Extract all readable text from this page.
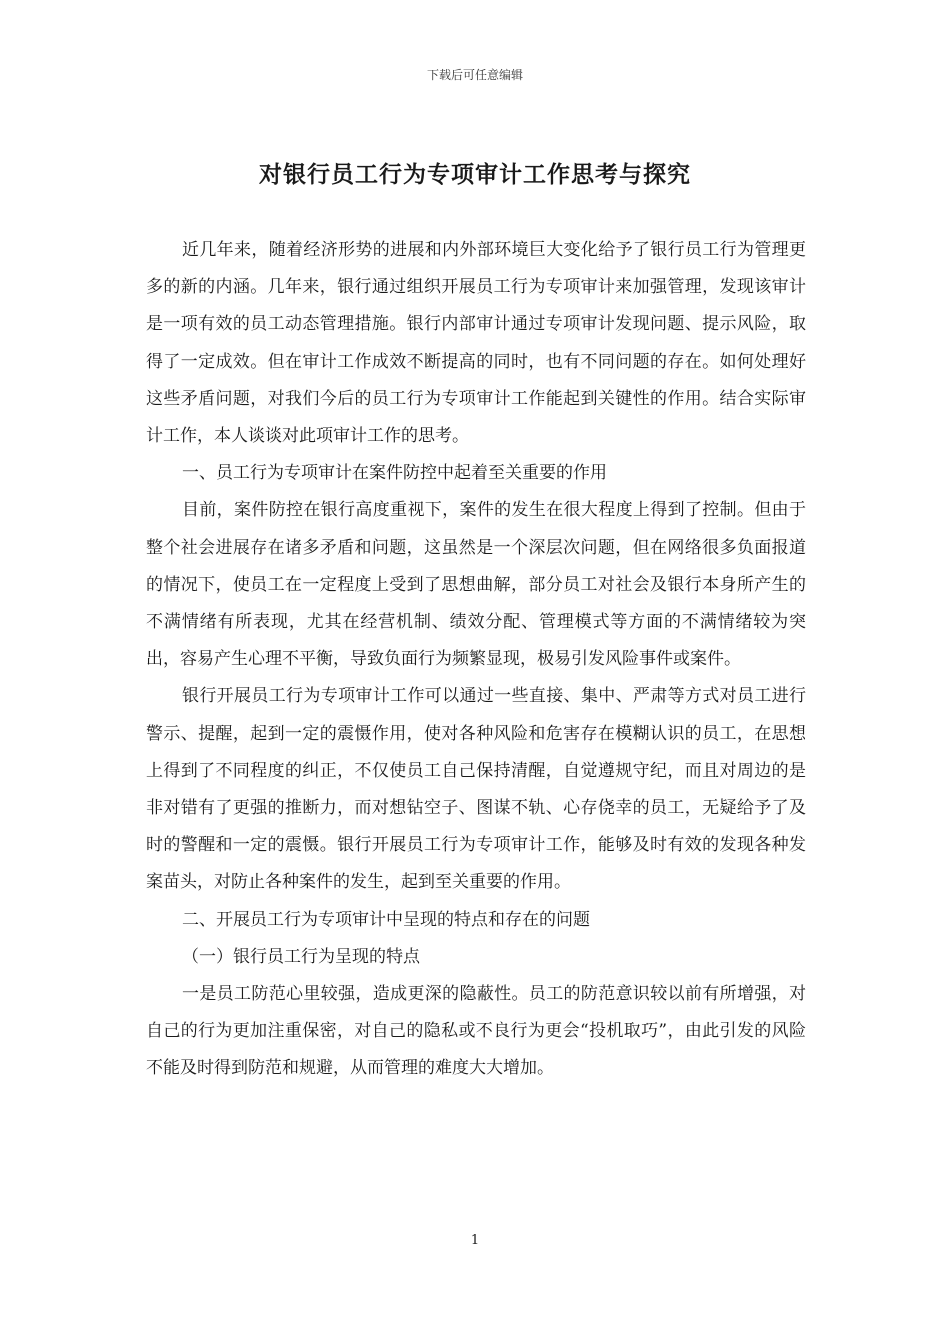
下载后可任意编辑
对银行员工行为专项审计工作思考与探究

近几年来，随着经济形势的进展和内外部环境巨大变化给予了银行员工行为管理更多的新的内涵。几年来，银行通过组织开展员工行为专项审计来加强管理，发现该审计是一项有效的员工动态管理措施。银行内部审计通过专项审计发现问题、提示风险，取得了一定成效。但在审计工作成效不断提高的同时，也有不同问题的存在。如何处理好这些矛盾问题，对我们今后的员工行为专项审计工作能起到关键性的作用。结合实际审计工作，本人谈谈对此项审计工作的思考。

一、员工行为专项审计在案件防控中起着至关重要的作用

目前，案件防控在银行高度重视下，案件的发生在很大程度上得到了控制。但由于整个社会进展存在诸多矛盾和问题，这虽然是一个深层次问题，但在网络很多负面报道的情况下，使员工在一定程度上受到了思想曲解，部分员工对社会及银行本身所产生的不满情绪有所表现，尤其在经营机制、绩效分配、管理模式等方面的不满情绪较为突出，容易产生心理不平衡，导致负面行为频繁显现，极易引发风险事件或案件。

银行开展员工行为专项审计工作可以通过一些直接、集中、严肃等方式对员工进行警示、提醒，起到一定的震慑作用，使对各种风险和危害存在模糊认识的员工，在思想上得到了不同程度的纠正，不仅使员工自己保持清醒，自觉遵规守纪，而且对周边的是非对错有了更强的推断力，而对想钻空子、图谋不轨、心存侥幸的员工，无疑给予了及时的警醒和一定的震慑。银行开展员工行为专项审计工作，能够及时有效的发现各种发案苗头，对防止各种案件的发生，起到至关重要的作用。

二、开展员工行为专项审计中呈现的特点和存在的问题

（一）银行员工行为呈现的特点

一是员工防范心里较强，造成更深的隐蔽性。员工的防范意识较以前有所增强，对自己的行为更加注重保密，对自己的隐私或不良行为更会“投机取巧”，由此引发的风险不能及时得到防范和规避，从而管理的难度大大增加。

1
